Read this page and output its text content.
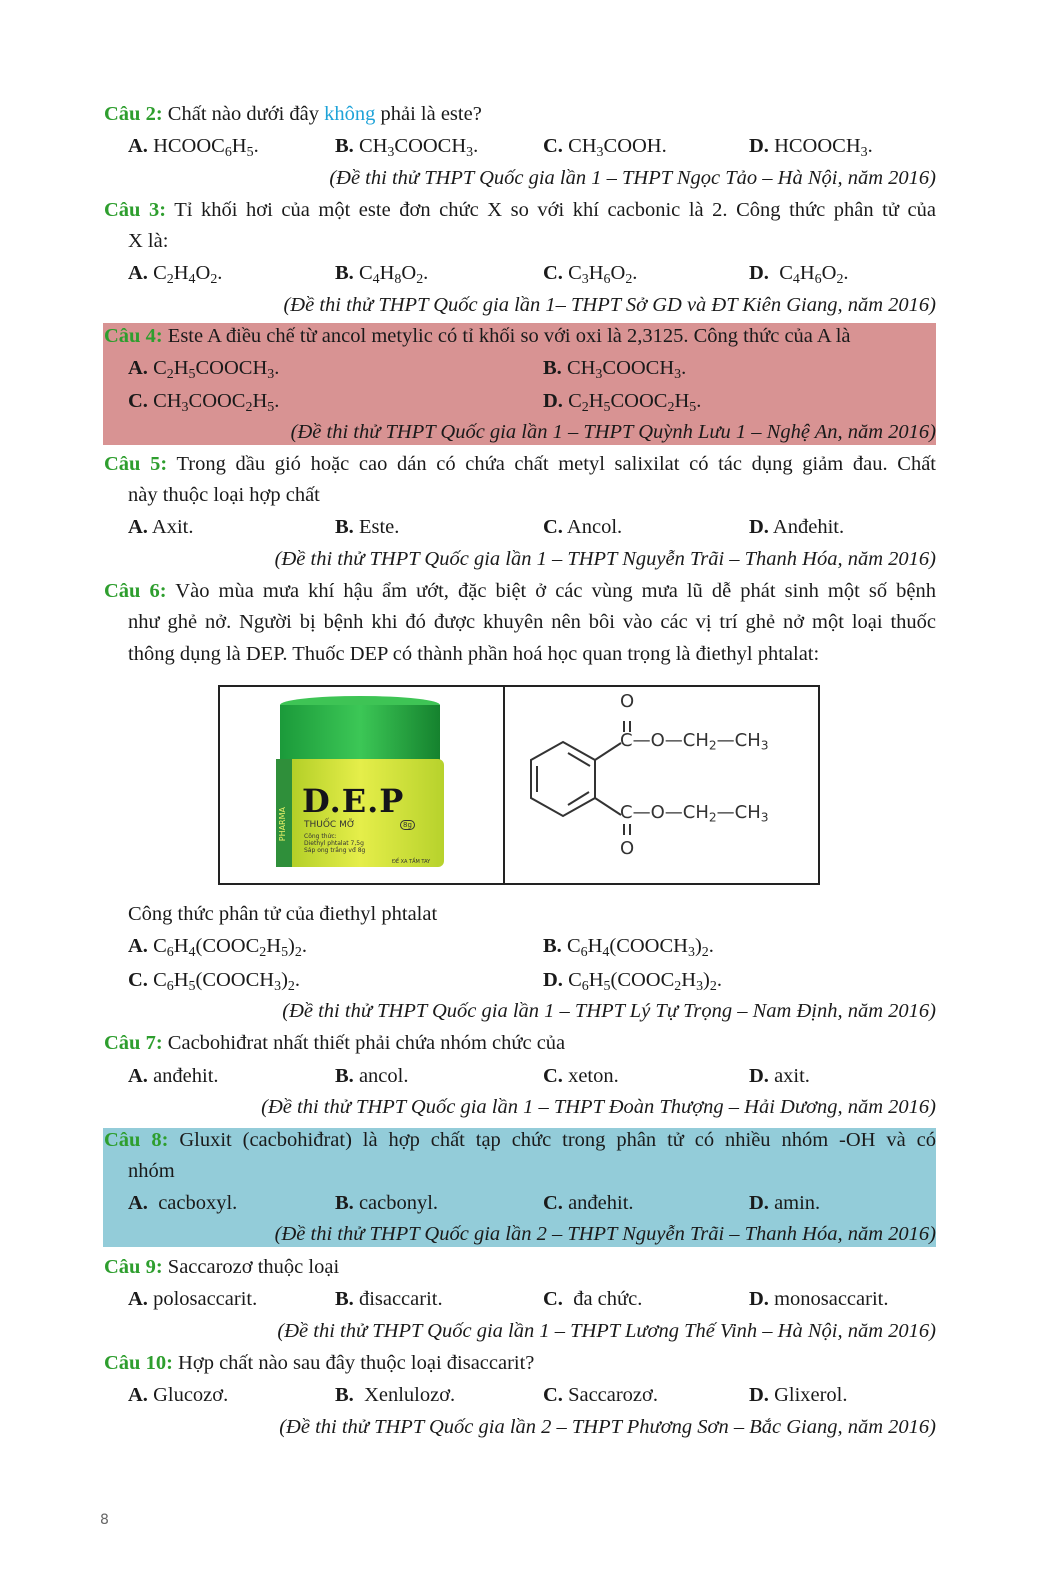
Câu 2: Chất nào dưới đây không phải là este?
A. $HCOOC_6H_5$.	B. $CH_3COOCH_3$.	C. $CH_3COOH$.	D. $HCOOCH_3$.
(Đề thi thử THPT Quốc gia lần 1 – THPT Ngọc Tảo – Hà Nội, năm 2016)
Câu 3: Tỉ khối hơi của một este đơn chức X so với khí cacbonic là 2. Công thức phân tử của
X là:
A. $C_2H_4O_2$.	B. $C_4H_8O_2$.	C. $C_3H_6O_2$.	D.  $C_4H_6O_2$.
(Đề thi thử THPT Quốc gia lần 1– THPT Sở GD và ĐT Kiên Giang, năm 2016)
Câu 4: Este A điều chế từ ancol metylic có tỉ khối so với oxi là 2,3125. Công thức của A là
A. $C_2H_5COOCH_3$.	B. $CH_3COOCH_3$.
C. $CH_3COOC_2H_5$.	D. $C_2H_5COOC_2H_5$.
(Đề thi thử THPT Quốc gia lần 1 – THPT Quỳnh Lưu 1 – Nghệ An, năm 2016)
Câu 5: Trong dầu gió hoặc cao dán có chứa chất metyl salixilat có tác dụng giảm đau. Chất
này thuộc loại hợp chất
A. Axit.	B. Este.	C. Ancol.	D. Anđehit.
(Đề thi thử THPT Quốc gia lần 1 – THPT Nguyễn Trãi – Thanh Hóa, năm 2016)
Câu 6: Vào mùa mưa khí hậu ẩm ướt, đặc biệt ở các vùng mưa lũ dễ phát sinh một số bệnh
như ghẻ nở. Người bị bệnh khi đó được khuyên nên bôi vào các vị trí ghẻ nở một loại thuốc
thông dụng là DEP. Thuốc DEP có thành phần hoá học quan trọng là điethyl phtalat:
PHARMA
D.E.P
THUỐC MỠ	8g
Công thức:
Diethyl phtalat 7,5g
Sáp ong trắng vđ 8g
ĐỂ XA TẦM TAY
O
$C—O—CH_2—CH_3$
$C—O—CH_2—CH_3$
O
Công thức phân tử của điethyl phtalat
A. $C_6H_4(COOC_2H_5)_2$.	B. $C_6H_4(COOCH_3)_2$.
C. $C_6H_5(COOCH_3)_2$.	D. $C_6H_5(COOC_2H_3)_2$.
(Đề thi thử THPT Quốc gia lần 1 – THPT Lý Tự Trọng – Nam Định, năm 2016)
Câu 7: Cacbohiđrat nhất thiết phải chứa nhóm chức của
A. anđehit.	B. ancol.	C. xeton.	D. axit.
(Đề thi thử THPT Quốc gia lần 1 – THPT Đoàn Thượng – Hải Dương, năm 2016)
Câu 8: Gluxit (cacbohiđrat) là hợp chất tạp chức trong phân tử có nhiều nhóm -OH và có
nhóm
A.  cacboxyl.	B. cacbonyl.	C. anđehit.	D. amin.
(Đề thi thử THPT Quốc gia lần 2 – THPT Nguyễn Trãi – Thanh Hóa, năm 2016)
Câu 9: Saccarozơ thuộc loại
A. polosaccarit.	B. đisaccarit.	C.  đa chức.	D. monosaccarit.
(Đề thi thử THPT Quốc gia lần 1 – THPT Lương Thế Vinh – Hà Nội, năm 2016)
Câu 10: Hợp chất nào sau đây thuộc loại đisaccarit?
A. Glucozơ.	B.  Xenlulozơ.	C. Saccarozơ.	D. Glixerol.
(Đề thi thử THPT Quốc gia lần 2 – THPT Phương Sơn – Bắc Giang, năm 2016)
8
